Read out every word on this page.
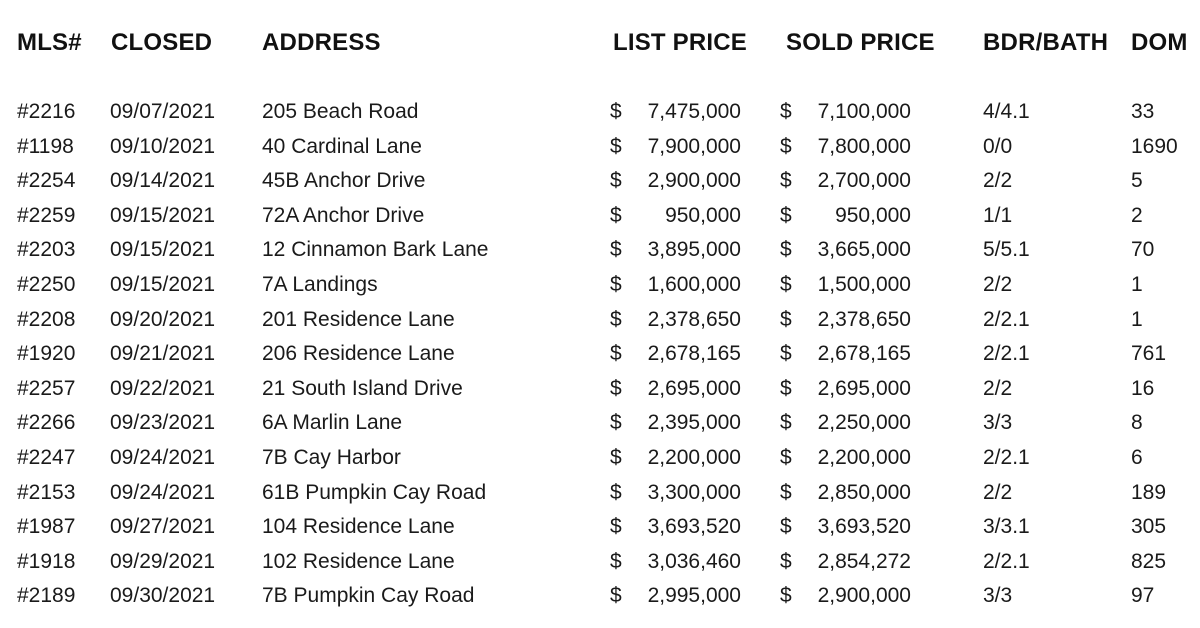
MLS# CLOSED ADDRESS	LIST PRICE SOLD PRICE BDR/BATH DOM
#2216 09/07/2021 205 Beach Road	$	7,475,000 $	7,100,000	4/4.1	33
#1198 09/10/2021 40 Cardinal Lane	$	7,900,000 $	7,800,000	0/0	1690
#2254 09/14/2021 45B Anchor Drive	$	2,900,000 $	2,700,000	2/2	5
#2259 09/15/2021 72A Anchor Drive	$	950,000 $	950,000	1/1	2
#2203 09/15/2021 12 Cinnamon Bark Lane	$	3,895,000 $	3,665,000	5/5.1	70
#2250 09/15/2021 7A Landings	$	1,600,000 $	1,500,000	2/2	1
#2208 09/20/2021 201 Residence Lane	$	2,378,650 $	2,378,650	2/2.1	1
#1920 09/21/2021 206 Residence Lane	$	2,678,165 $	2,678,165	2/2.1	761
#2257 09/22/2021 21 South Island Drive	$	2,695,000 $	2,695,000	2/2	16
#2266 09/23/2021 6A Marlin Lane	$	2,395,000 $	2,250,000	3/3	8
#2247 09/24/2021 7B Cay Harbor	$	2,200,000 $	2,200,000	2/2.1	6
#2153 09/24/2021 61B Pumpkin Cay Road	$	3,300,000 $	2,850,000	2/2	189
#1987 09/27/2021 104 Residence Lane	$	3,693,520 $	3,693,520	3/3.1	305
#1918 09/29/2021 102 Residence Lane	$	3,036,460 $	2,854,272	2/2.1	825
#2189 09/30/2021 7B Pumpkin Cay Road	$	2,995,000 $	2,900,000	3/3	97
